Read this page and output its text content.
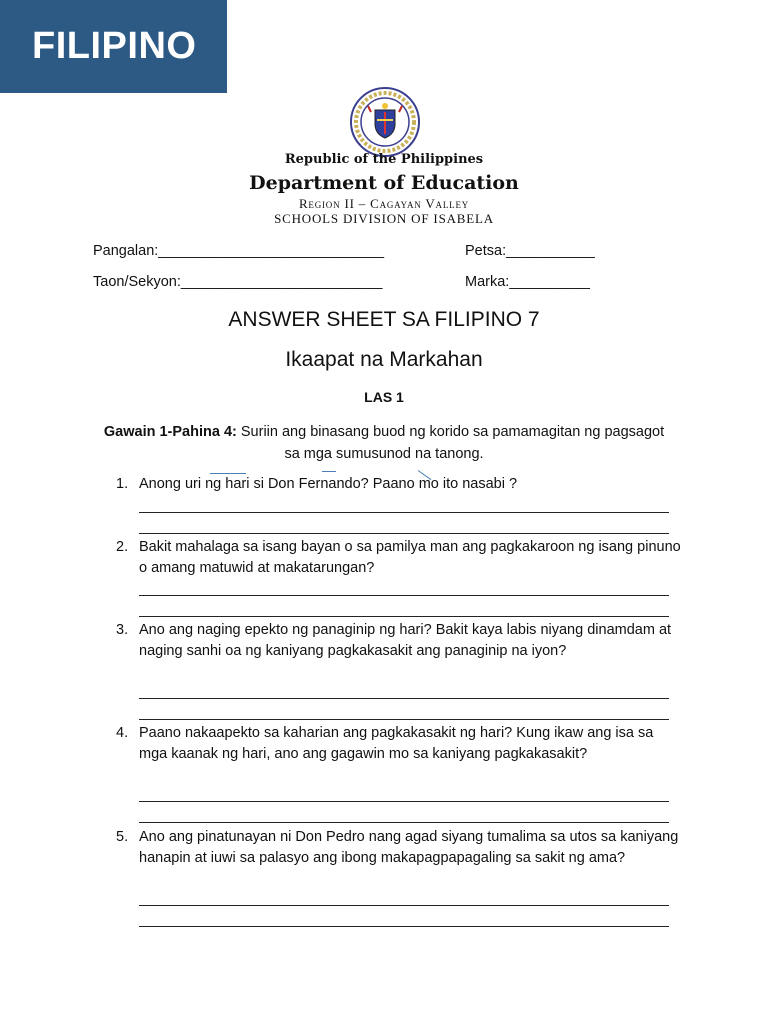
FILIPINO
Republic of the Philippines
Department of Education
Region II – Cagayan Valley
SCHOOLS DIVISION OF ISABELA
Pangalan:____________________________	Petsa:___________
Taon/Sekyon:_________________________	Marka:__________
ANSWER SHEET SA FILIPINO 7
Ikaapat na Markahan
LAS 1
Gawain 1-Pahina 4: Suriin ang binasang buod ng korido sa pamamagitan ng pagsagot sa mga sumusunod na tanong.
1. Anong uri ng hari si Don Fernando? Paano mo ito nasabi ?
2. Bakit mahalaga sa isang bayan o sa pamilya man ang pagkakaroon ng isang pinuno o amang matuwid at makatarungan?
3. Ano ang naging epekto ng panaginip ng hari? Bakit kaya labis niyang dinamdam at naging sanhi oa ng kaniyang pagkakasakit ang panaginip na iyon?
4. Paano nakaapekto sa kaharian ang pagkakasakit ng hari? Kung ikaw ang isa sa mga kaanak ng hari, ano ang gagawin mo sa kaniyang pagkakasakit?
5. Ano ang pinatunayan ni Don Pedro nang agad siyang tumalima sa utos sa kaniyang hanapin at iuwi sa palasyo ang ibong makapagpapagaling sa sakit ng ama?
